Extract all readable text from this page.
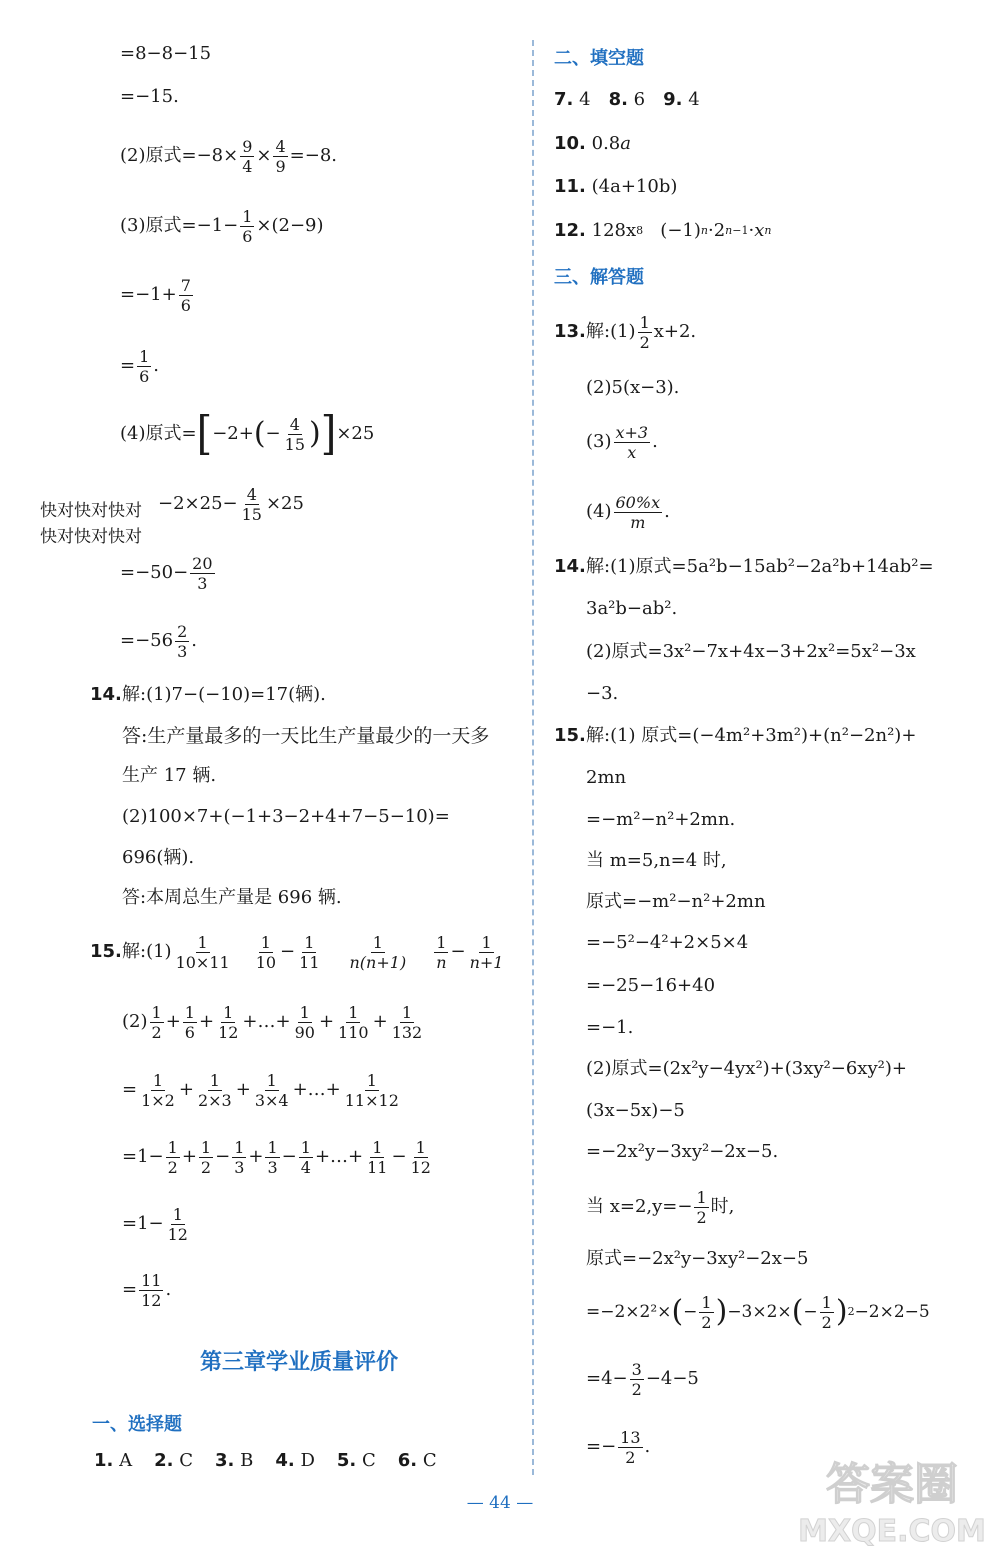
=8−8−15
=−15.
(2)原式$=-8\times \frac{9}{4} \times \frac{4}{9} =-8$.
(3)原式$=-1- \frac{1}{6} \times(2-9)$
$=-1+ \frac{7}{6}$
= $\frac{1}{6}$ .
(4)原式= [ −2+ ( − $\frac{4}{15}$ ) ] ×25
快对快对快对
快对快对快对
$-2\times 25- \frac{4}{15} \times 25$
$=-50- \frac{20}{3}$
$=-56 \frac{2}{3}$ .
14. 解:(1)7−(−10)=17(辆).
答:生产量最多的一天比生产量最少的一天多
生产 17 辆.
(2)100×7+(−1+3−2+4+7−5−10)=
696(辆).
答:本周总生产量是 696 辆.
15. 解:(1) $\frac{1}{10\times 11} \frac{1}{10} - \frac{1}{11} \frac{1}{n(n+1)} \frac{1}{n} - \frac{1}{n+1}$
$(2) \frac{1}{2} + \frac{1}{6} + \frac{1}{12}$ +…+ $\frac{1}{90} + \frac{1}{110} + \frac{1}{132}$
= $\frac{1}{1\times 2} + \frac{1}{2\times 3} + \frac{1}{3\times 4}$ +…+ $\frac{1}{11\times 12}$
$=1- \frac{1}{2} + \frac{1}{2} - \frac{1}{3} + \frac{1}{3} - \frac{1}{4}$ +…+ $\frac{1}{11} - \frac{1}{12}$
$=1- \frac{1}{12}$
= $\frac{11}{12}$ .
第三章学业质量评价
一、选择题
1. A 2. C 3. B 4. D 5. C 6. C
二、填空题
7.
4 8.
6 9.
4
10.
0.8 a
11.
(4a+10b)
12.
128x 8 (−1) n ·2 n−1 · x n
三、解答题
13. 解:(1) $\frac{1}{2} x+2$.
(2)5(x−3).
$(3) \frac{x+3}{x}$ .
$(4) \frac{60\%x}{m}$ .
14. 解:(1)原式=5a²b−15ab²−2a²b+14ab²=
3a²b−ab².
(2)原式=3x²−7x+4x−3+2x²=5x²−3x
−3.
15. 解:(1) 原式=(−4m²+3m²)+(n²−2n²)+
2mn
=−m²−n²+2mn.
当 m=5,n=4 时,
原式=−m²−n²+2mn
=−5²−4²+2×5×4
=−25−16+40
=−1.
(2)原式=(2x²y−4yx²)+(3xy²−6xy²)+
(3x−5x)−5
=−2x²y−3xy²−2x−5.
当 $x=2,y=- \frac{1}{2}$ 时,
原式=−2x²y−3xy²−2x−5
=−2×2²× ( − $\frac{1}{2}$ ) −3×2× ( − $\frac{1}{2}$ ) 2 −2×2−5
$=4- \frac{3}{2} -4-5$
=− $\frac{13}{2}$ .
— 44 —	答案圈
MXQE.COM
